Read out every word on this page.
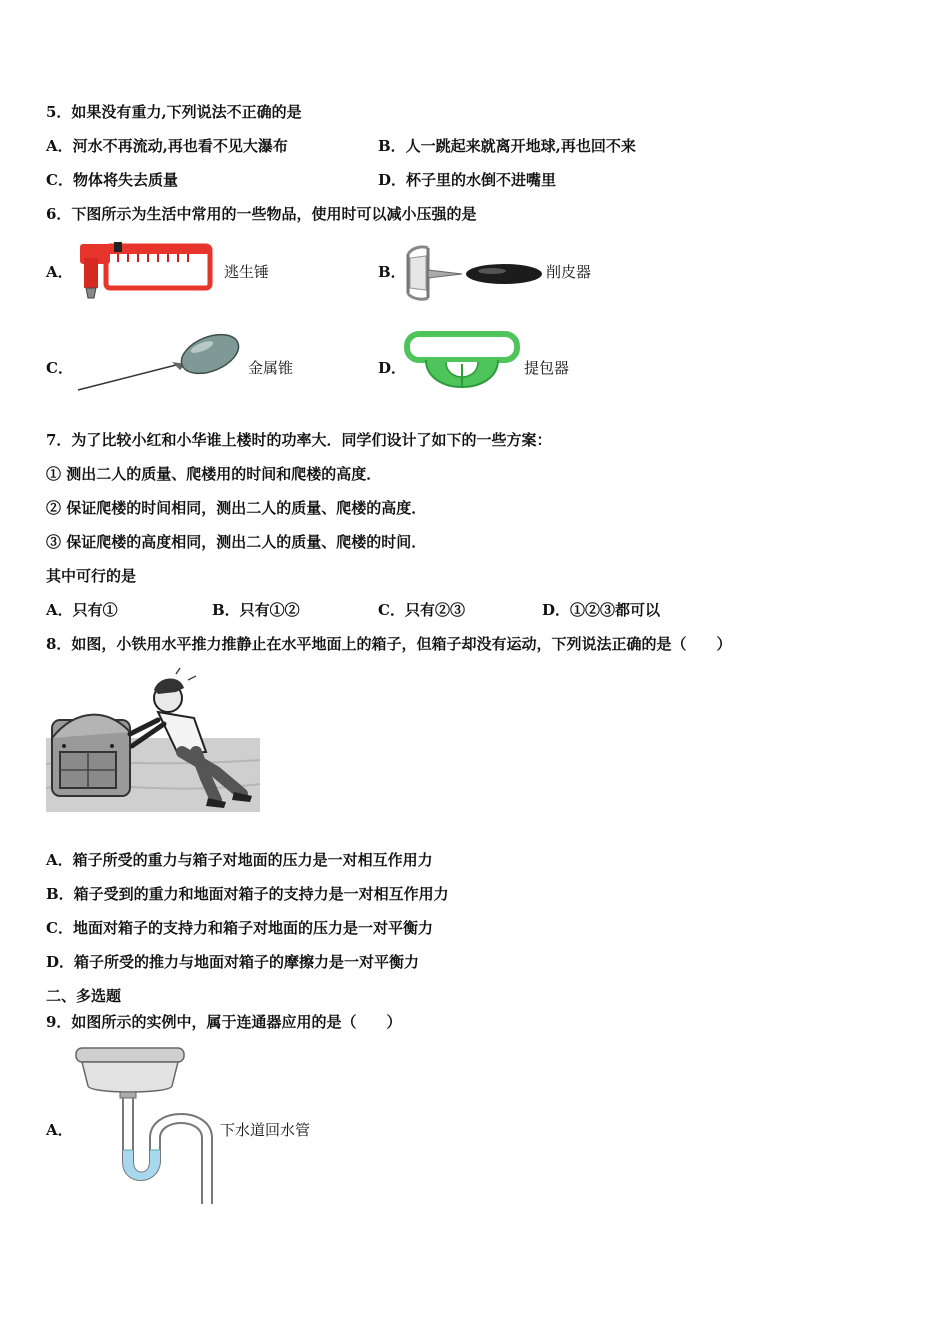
5．如果没有重力,下列说法不正确的是
A．河水不再流动,再也看不见大瀑布	B．人一跳起来就离开地球,再也回不来
C．物体将失去质量	D．杯子里的水倒不进嘴里
6．下图所示为生活中常用的一些物品，使用时可以减小压强的是
A．	逃生锤	B．	削皮器
C．	金属锥	D．	提包器
7．为了比较小红和小华谁上楼时的功率大．同学们设计了如下的一些方案：
① 测出二人的质量、爬楼用的时间和爬楼的高度．
② 保证爬楼的时间相同，测出二人的质量、爬楼的高度．
③ 保证爬楼的高度相同，测出二人的质量、爬楼的时间．
其中可行的是
A．只有①	B．只有①②	C．只有②③	D．①②③都可以
8．如图，小铁用水平推力推静止在水平地面上的箱子，但箱子却没有运动，下列说法正确的是（　　）
A．箱子所受的重力与箱子对地面的压力是一对相互作用力
B．箱子受到的重力和地面对箱子的支持力是一对相互作用力
C．地面对箱子的支持力和箱子对地面的压力是一对平衡力
D．箱子所受的推力与地面对箱子的摩擦力是一对平衡力
二、多选题
9．如图所示的实例中，属于连通器应用的是（　　）
A．	下水道回水管
